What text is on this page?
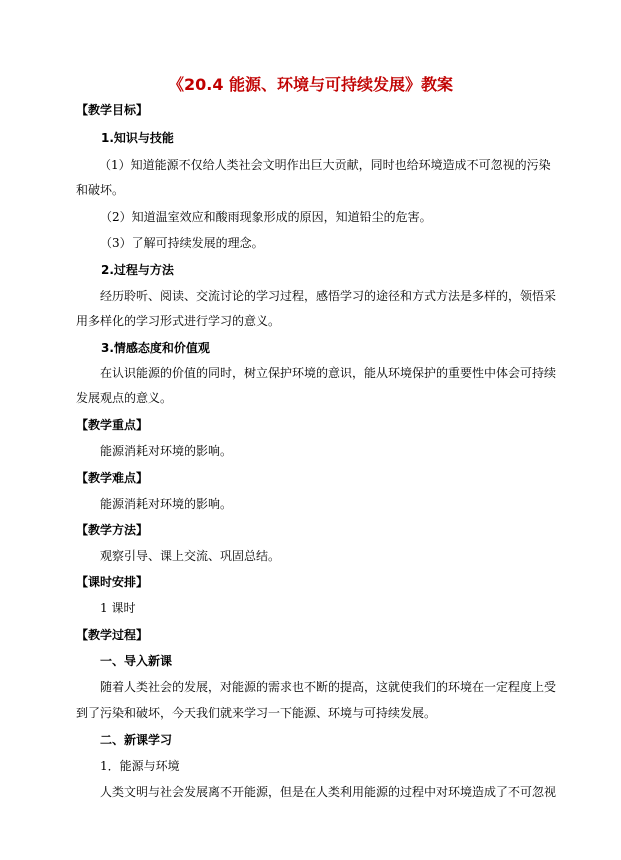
《20.4 能源、环境与可持续发展》教案
【教学目标】
1.知识与技能
（1）知道能源不仅给人类社会文明作出巨大贡献，同时也给环境造成不可忽视的污染
和破坏。
（2）知道温室效应和酸雨现象形成的原因，知道铅尘的危害。
（3）了解可持续发展的理念。
2.过程与方法
经历聆听、阅读、交流讨论的学习过程，感悟学习的途径和方式方法是多样的，领悟采
用多样化的学习形式进行学习的意义。
3.情感态度和价值观
在认识能源的价值的同时，树立保护环境的意识，能从环境保护的重要性中体会可持续
发展观点的意义。
【教学重点】
能源消耗对环境的影响。
【教学难点】
能源消耗对环境的影响。
【教学方法】
观察引导、课上交流、巩固总结。
【课时安排】
1 课时
【教学过程】
一、导入新课
随着人类社会的发展，对能源的需求也不断的提高，这就使我们的环境在一定程度上受
到了污染和破坏，今天我们就来学习一下能源、环境与可持续发展。
二、新课学习
1．能源与环境
人类文明与社会发展离不开能源，但是在人类利用能源的过程中对环境造成了不可忽视
